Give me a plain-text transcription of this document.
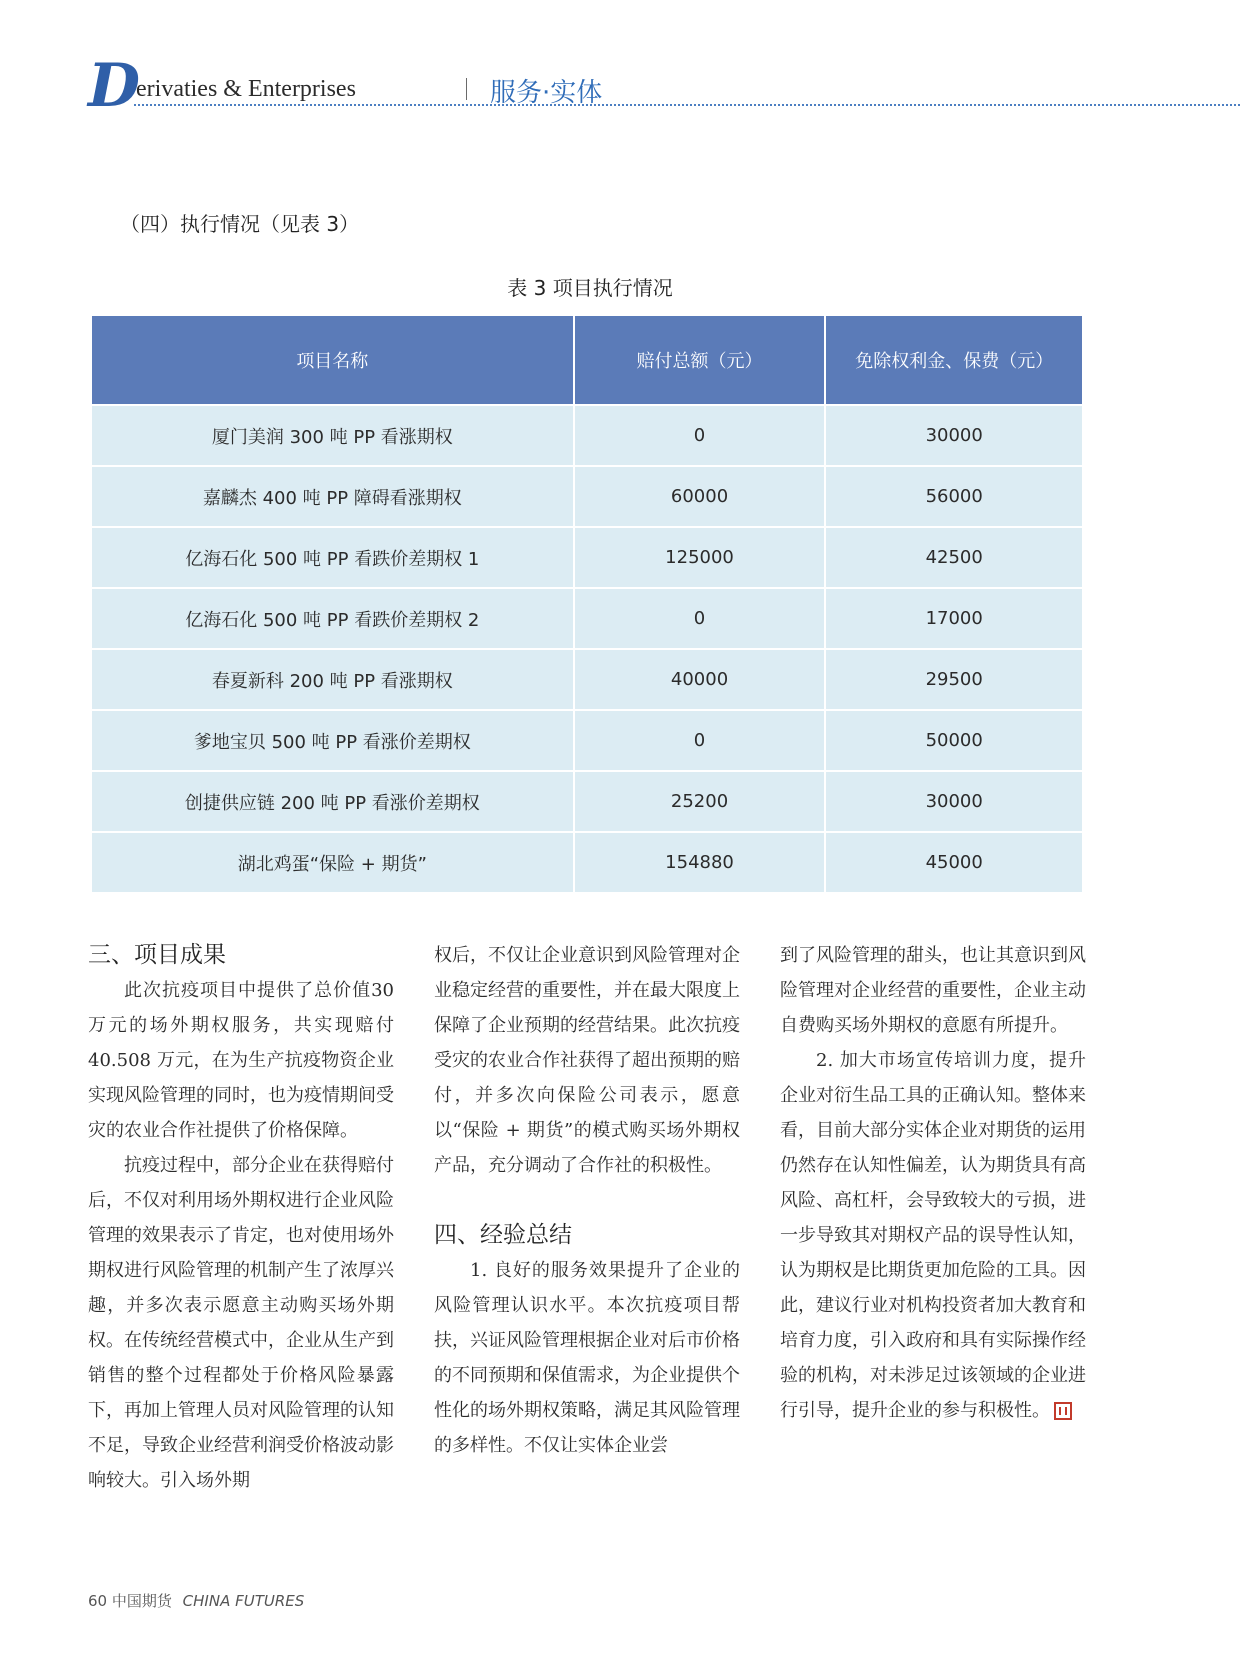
D
erivaties & Enterprises	服务·实体
（四）执行情况（见表 3）
表 3 项目执行情况
项目名称	赔付总额（元）	免除权利金、保费（元）
厦门美润 300 吨 PP 看涨期权	0	30000
嘉麟杰 400 吨 PP 障碍看涨期权	60000	56000
亿海石化 500 吨 PP 看跌价差期权 1	125000	42500
亿海石化 500 吨 PP 看跌价差期权 2	0	17000
春夏新科 200 吨 PP 看涨期权	40000	29500
爹地宝贝 500 吨 PP 看涨价差期权	0	50000
创捷供应链 200 吨 PP 看涨价差期权	25200	30000
湖北鸡蛋“保险 + 期货”	154880	45000
三、项目成果

此次抗疫项目中提供了总价值30 万元的场外期权服务，共实现赔付40.508 万元，在为生产抗疫物资企业实现风险管理的同时，也为疫情期间受灾的农业合作社提供了价格保障。

抗疫过程中，部分企业在获得赔付后，不仅对利用场外期权进行企业风险管理的效果表示了肯定，也对使用场外期权进行风险管理的机制产生了浓厚兴趣，并多次表示愿意主动购买场外期权。在传统经营模式中，企业从生产到销售的整个过程都处于价格风险暴露下，再加上管理人员对风险管理的认知不足，导致企业经营利润受价格波动影响较大。引入场外期

权后，不仅让企业意识到风险管理对企业稳定经营的重要性，并在最大限度上保障了企业预期的经营结果。此次抗疫受灾的农业合作社获得了超出预期的赔付，并多次向保险公司表示，愿意以“保险 + 期货”的模式购买场外期权产品，充分调动了合作社的积极性。

四、经验总结

1. 良好的服务效果提升了企业的风险管理认识水平。本次抗疫项目帮扶，兴证风险管理根据企业对后市价格的不同预期和保值需求，为企业提供个性化的场外期权策略，满足其风险管理的多样性。不仅让实体企业尝

到了风险管理的甜头，也让其意识到风险管理对企业经营的重要性，企业主动自费购买场外期权的意愿有所提升。

2. 加大市场宣传培训力度，提升企业对衍生品工具的正确认知。整体来看，目前大部分实体企业对期货的运用仍然存在认知性偏差，认为期货具有高风险、高杠杆，会导致较大的亏损，进一步导致其对期权产品的误导性认知，认为期权是比期货更加危险的工具。因此，建议行业对机构投资者加大教育和培育力度，引入政府和具有实际操作经验的机构，对未涉足过该领域的企业进行引导，提升企业的参与积极性。

60 中国期货 CHINA FUTURES
